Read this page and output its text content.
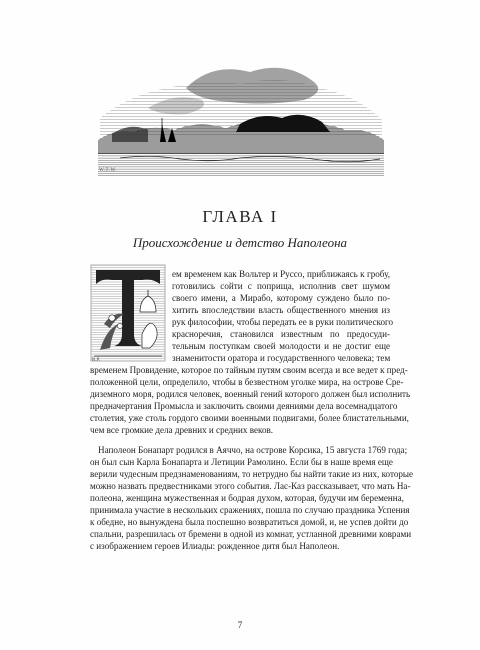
W.T.W.
ГЛАВА I
Происхождение и детство Наполеона
R.P.
ем временем как Вольтер и Руссо, приближаясь к гробу,
готовились сойти с поприща, исполнив свет шумом
своего имени, а Мирабо, которому суждено было по-
хитить впоследствии власть общественного мнения из
рук философии, чтобы передать ее в руки политического
красноречия, становился известным по предосуди-
тельным поступкам своей молодости и не достиг еще
знаменитости оратора и государственного человека; тем
временем Провидение, которое по тайным путям своим всегда и все ведет к пред-
положенной цели, определило, чтобы в безвестном уголке мира, на острове Сре-
диземного моря, родился человек, военный гений которого должен был исполнить
предначертания Промысла и заключить своими деяниями дела восемнадцатого
столетия, уже столь гордого своими военными подвигами, более блистательными,
чем все громкие дела древних и средних веков.
Наполеон Бонапарт родился в Аяччо, на острове Корсика, 15 августа 1769 года;
он был сын Карла Бонапарта и Летиции Рамолино. Если бы в наше время еще
верили чудесным предзнаменованиям, то нетрудно бы найти такие из них, которые
можно назвать предвестниками этого события. Лас-Каз рассказывает, что мать На-
полеона, женщина мужественная и бодрая духом, которая, будучи им беременна,
принимала участие в нескольких сражениях, пошла по случаю праздника Успения
к обедне, но вынуждена была поспешно возвратиться домой, и, не успев дойти до
спальни, разрешилась от бремени в одной из комнат, устланной древними коврами
с изображением героев Илиады: рожденное дитя был Наполеон.
7
